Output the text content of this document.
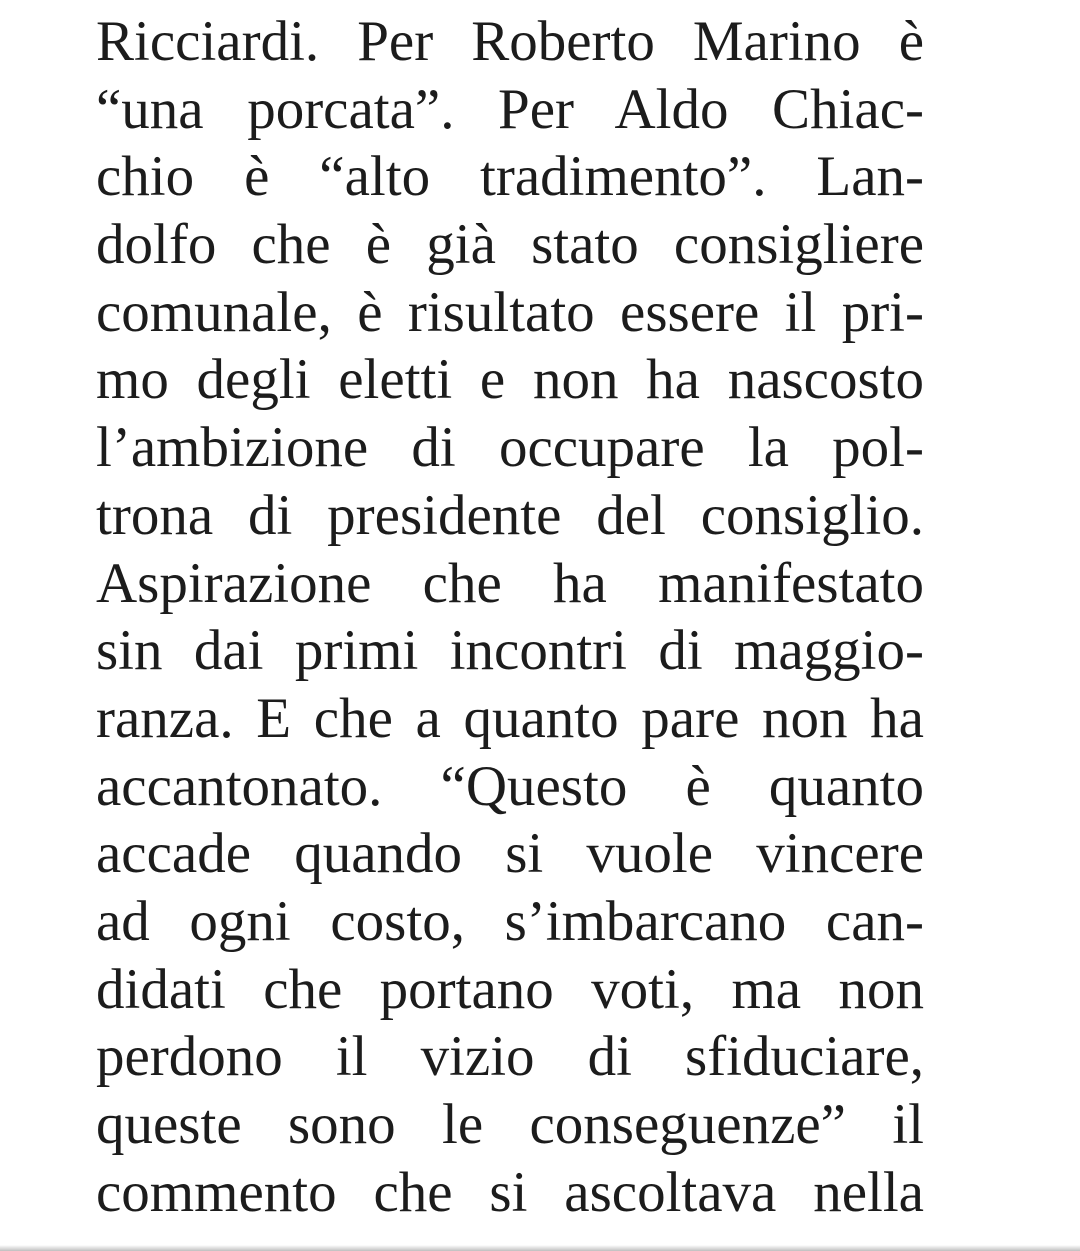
Ricciardi. Per Roberto Marino è
“una porcata”. Per Aldo Chiac-
chio è “alto tradimento”. Lan-
dolfo che è già stato consigliere
comunale, è risultato essere il pri-
mo degli eletti e non ha nascosto
l’ambizione di occupare la pol-
trona di presidente del consiglio.
Aspirazione che ha manifestato
sin dai primi incontri di maggio-
ranza. E che a quanto pare non ha
accantonato. “Questo è quanto
accade quando si vuole vincere
ad ogni costo, s’imbarcano can-
didati che portano voti, ma non
perdono il vizio di sfiduciare,
queste sono le conseguenze” il
commento che si ascoltava nella
